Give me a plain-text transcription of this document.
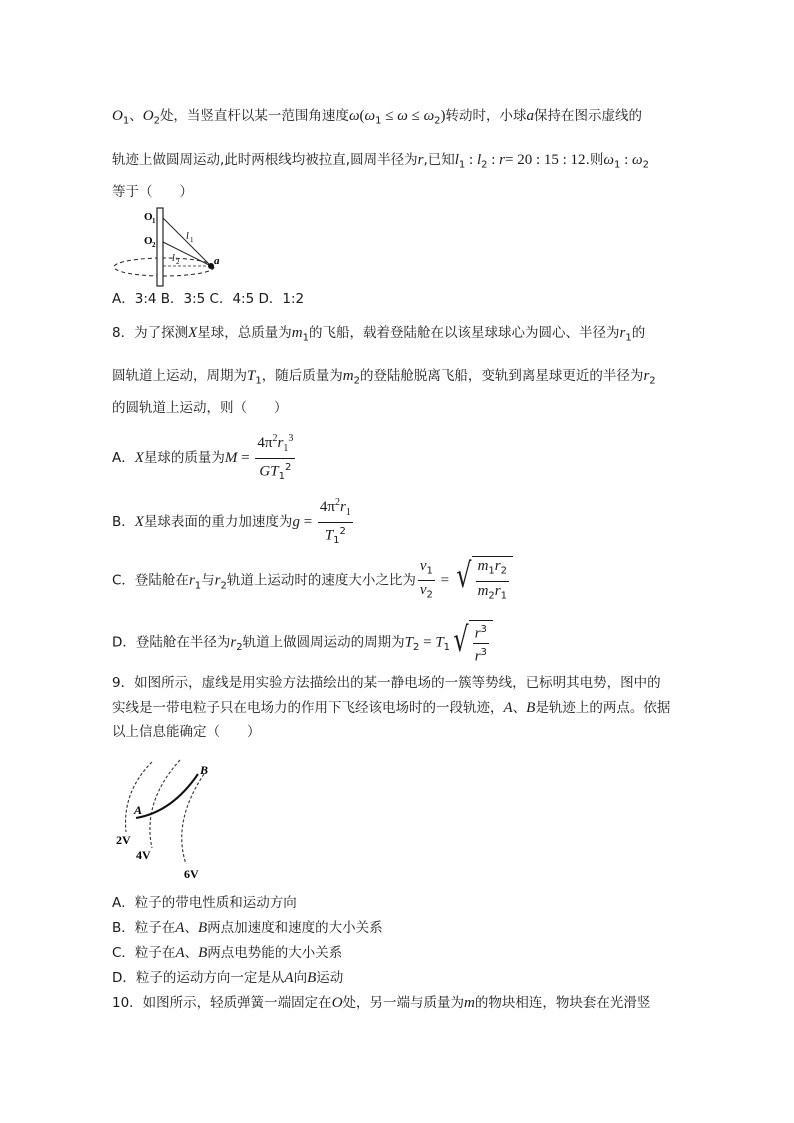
$O_1$、$O_2$处，当竖直杆以某一范围角速度$\omega(\omega_1 \le \omega \le \omega_2)$转动时，小球a保持在图示虚线的
轨迹上做圆周运动,此时两根线均被拉直,圆周半径为r,已知$l_1$ : $l_2$ : r= 20 : 15 : 12.则$\omega_1$ : $\omega_2$
等于（　　）
O 1
O 2
l 1
l 2	a
A．3:4 B．3:5 C．4:5 D．1:2
8．为了探测X星球，总质量为$m_1$的飞船，载着登陆舱在以该星球球心为圆心、半径为$r_1$的
圆轨道上运动，周期为$T_1$，随后质量为$m_2$的登陆舱脱离飞船，变轨到离星球更近的半径为$r_2$
的圆轨道上运动，则（　　）
A．X星球的质量为$M = \frac{4\pi^2r_1^3}{GT_1^2}$
B．X星球表面的重力加速度为$g = \frac{4\pi^2r_1}{T_1^2}$
C．登陆舱在$r_1$与$r_2$轨道上运动时的速度大小之比为 $\frac{v_1}{v_2}$ = √ $\frac{m_1r_2}{m_2r_1}$
D．登陆舱在半径为$r_2$轨道上做圆周运动的周期为$T_2 = T_1$ √ $\frac{r^3}{r^3}$
9．如图所示，虚线是用实验方法描绘出的某一静电场的一簇等势线，已标明其电势，图中的
实线是一带电粒子只在电场力的作用下飞经该电场时的一段轨迹，A、B是轨迹上的两点。依据
以上信息能确定（　　）
A
B
2V
4V
6V
A．粒子的带电性质和运动方向
B．粒子在A、B两点加速度和速度的大小关系
C．粒子在A、B两点电势能的大小关系
D．粒子的运动方向一定是从A向B运动
10．如图所示，轻质弹簧一端固定在O处，另一端与质量为m的物块相连，物块套在光滑竖
